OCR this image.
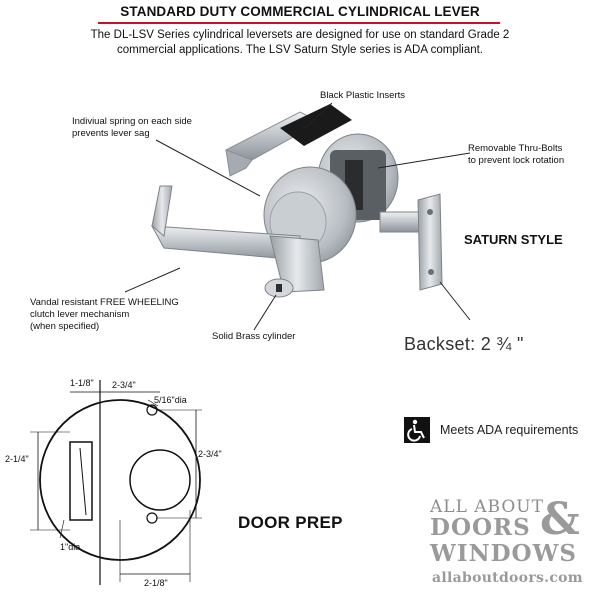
STANDARD DUTY COMMERCIAL CYLINDRICAL LEVER
The DL-LSV Series cylindrical leversets are designed for use on standard Grade 2
commercial applications. The LSV Saturn Style series is ADA compliant.
Black Plastic Inserts
Indiviual spring on each side
prevents lever sag
Removable Thru-Bolts
to prevent lock rotation
Vandal resistant FREE WHEELING
clutch lever mechanism
(when specified)
Solid Brass cylinder
SATURN STYLE
Backset: 2 ¾ "
Meets ADA requirements
1-1/8" 2-3/4"
5/16"dia
2-1/4"	2-3/4"
1"dia
2-1/8"
DOOR PREP
ALL ABOUT
DOORS &
WINDOWS
allaboutdoors.com
